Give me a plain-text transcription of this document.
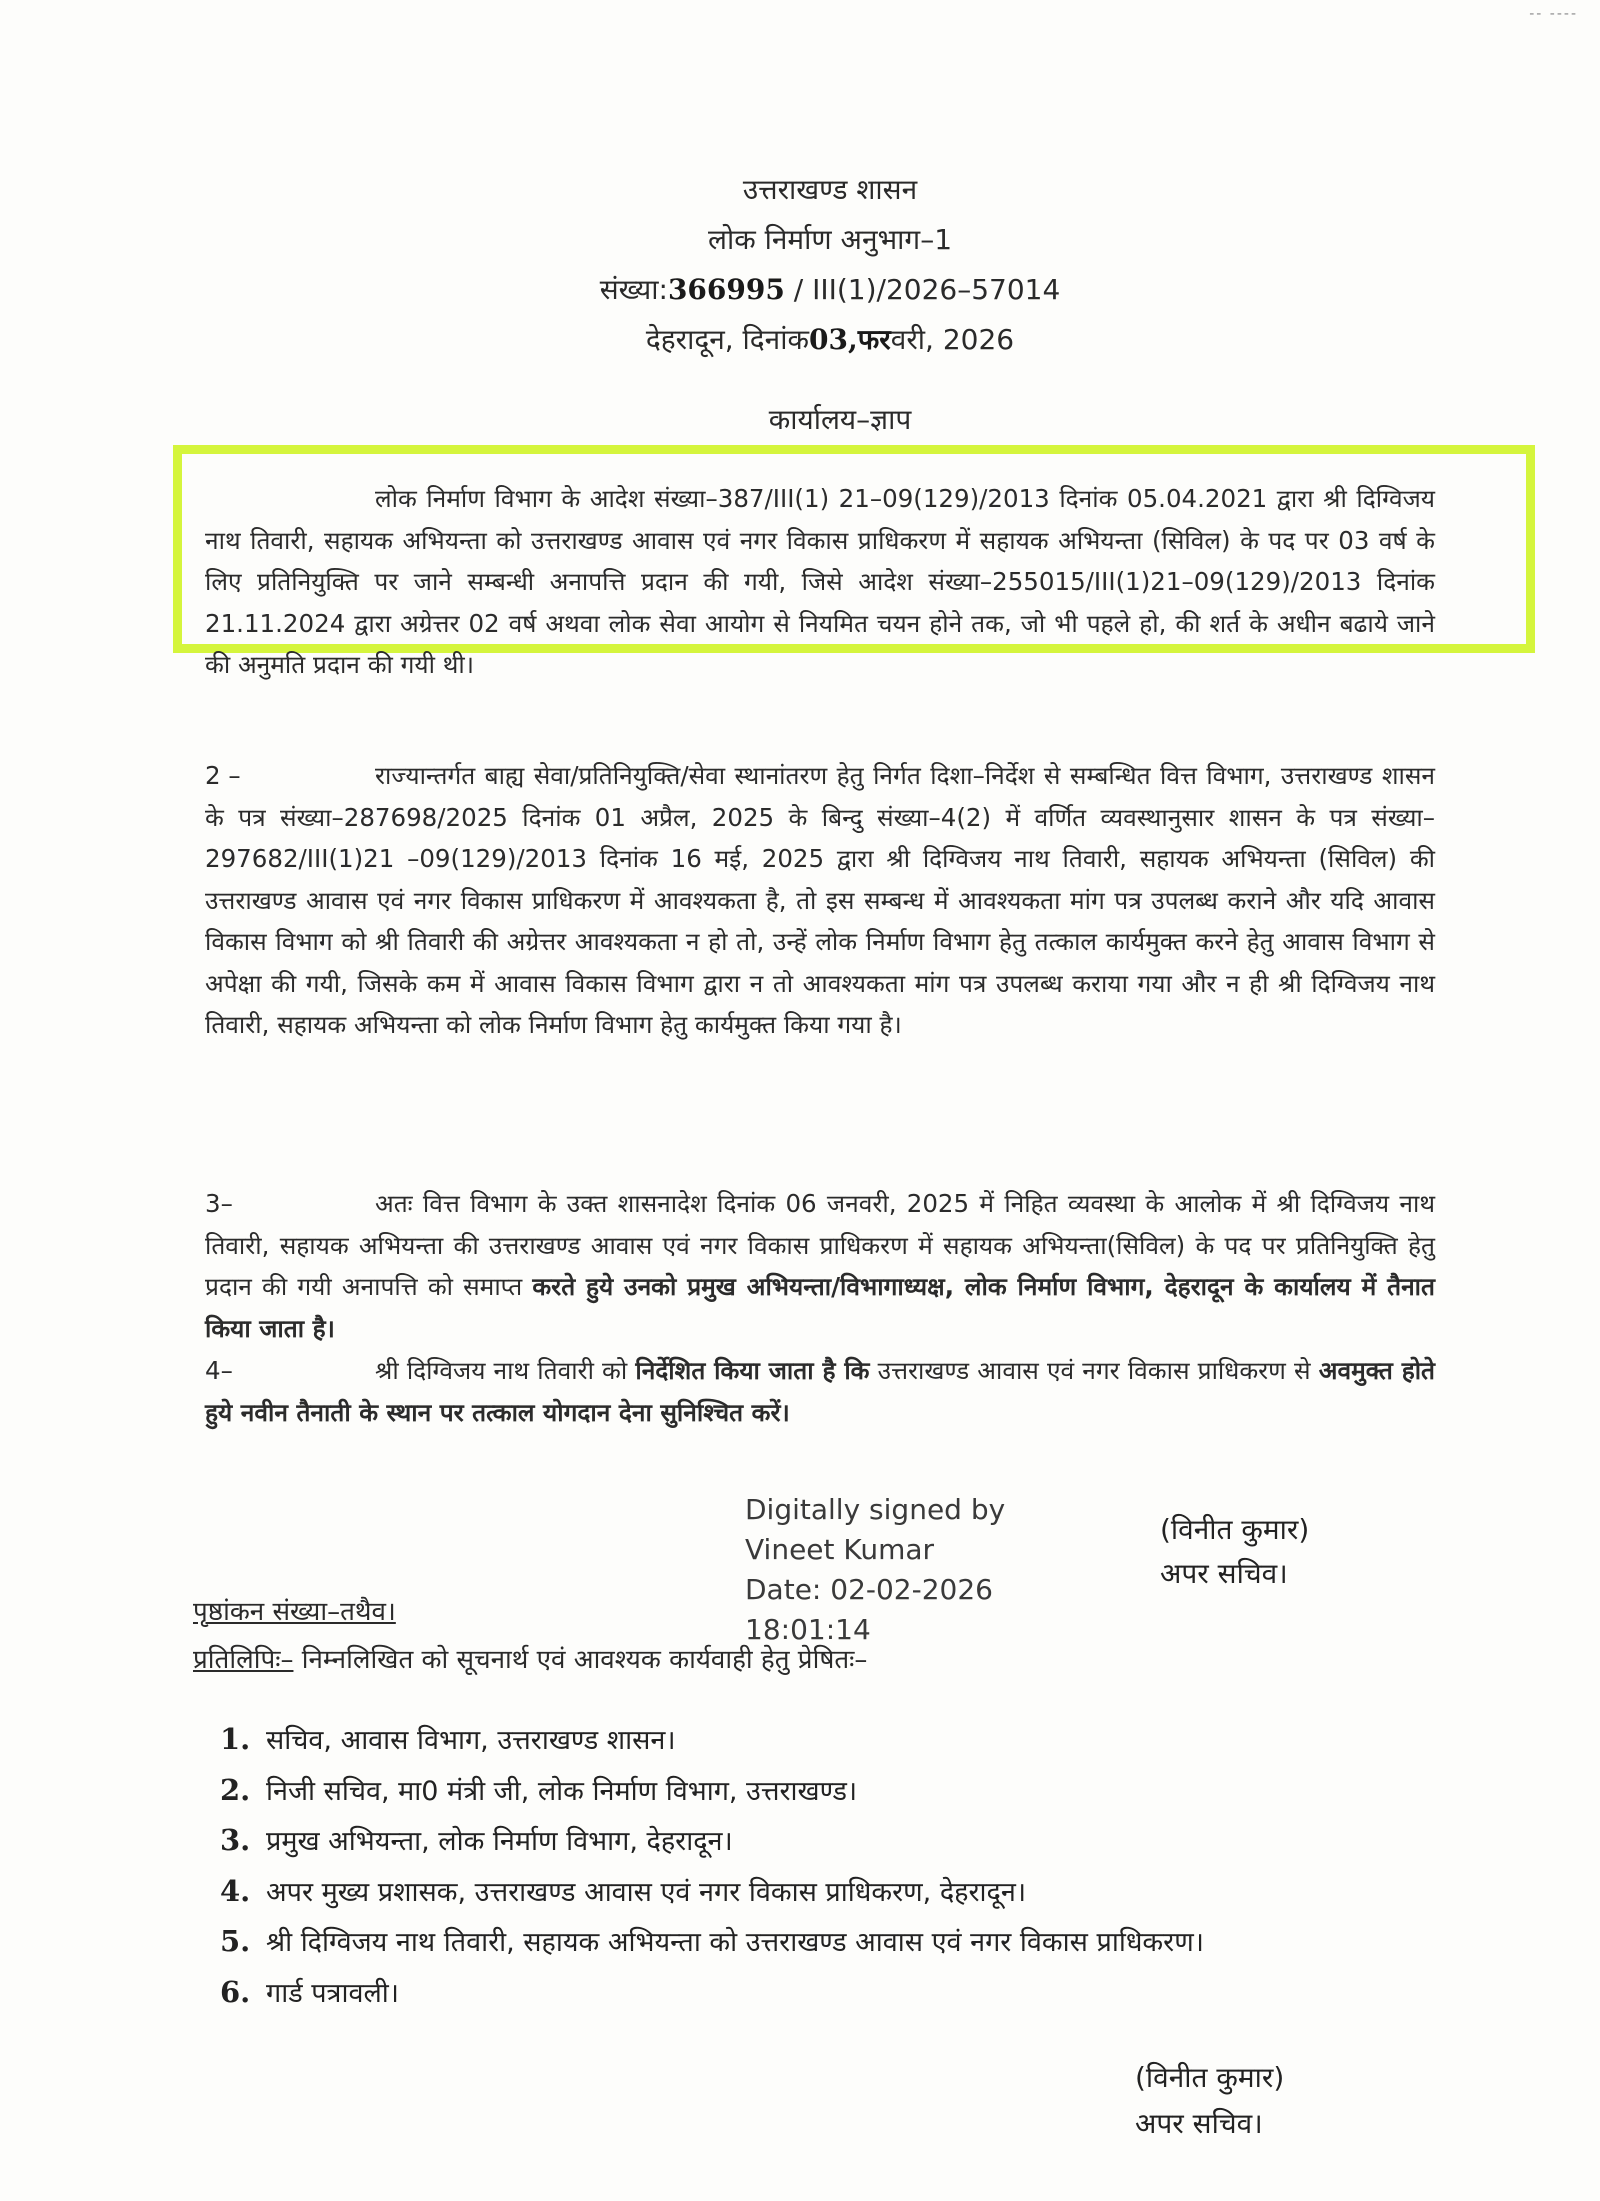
-- ----
उत्तराखण्ड शासन
लोक निर्माण अनुभाग–1
संख्या:366995 / III(1)/2026–57014
देहरादून, दिनांक03,फरवरी, 2026
कार्यालय–ज्ञाप

लोक निर्माण विभाग के आदेश संख्या–387/III(1) 21–09(129)/2013 दिनांक 05.04.2021 द्वारा श्री दिग्विजय नाथ तिवारी, सहायक अभियन्ता को उत्तराखण्ड आवास एवं नगर विकास प्राधिकरण में सहायक अभियन्ता (सिविल) के पद पर 03 वर्ष के लिए प्रतिनियुक्ति पर जाने सम्बन्धी अनापत्ति प्रदान की गयी, जिसे आदेश संख्या–255015/III(1)21–09(129)/2013 दिनांक 21.11.2024 द्वारा अग्रेत्तर 02 वर्ष अथवा लोक सेवा आयोग से नियमित चयन होने तक, जो भी पहले हो, की शर्त के अधीन बढाये जाने की अनुमति प्रदान की गयी थी।

2 –	राज्यान्तर्गत बाह्य सेवा/प्रतिनियुक्ति/सेवा स्थानांतरण हेतु निर्गत दिशा–निर्देश से सम्बन्धित वित्त विभाग, उत्तराखण्ड शासन के पत्र संख्या–287698/2025 दिनांक 01 अप्रैल, 2025 के बिन्दु संख्या–4(2) में वर्णित व्यवस्थानुसार शासन के पत्र संख्या–297682/III(1)21 –09(129)/2013 दिनांक 16 मई, 2025 द्वारा श्री दिग्विजय नाथ तिवारी, सहायक अभियन्ता (सिविल) की उत्तराखण्ड आवास एवं नगर विकास प्राधिकरण में आवश्यकता है, तो इस सम्बन्ध में आवश्यकता मांग पत्र उपलब्ध कराने और यदि आवास विकास विभाग को श्री तिवारी की अग्रेत्तर आवश्यकता न हो तो, उन्हें लोक निर्माण विभाग हेतु तत्काल कार्यमुक्त करने हेतु आवास विभाग से अपेक्षा की गयी, जिसके कम में आवास विकास विभाग द्वारा न तो आवश्यकता मांग पत्र उपलब्ध कराया गया और न ही श्री दिग्विजय नाथ तिवारी, सहायक अभियन्ता को लोक निर्माण विभाग हेतु कार्यमुक्त किया गया है।

3–	अतः वित्त विभाग के उक्त शासनादेश दिनांक 06 जनवरी, 2025 में निहित व्यवस्था के आलोक में श्री दिग्विजय नाथ तिवारी, सहायक अभियन्ता की उत्तराखण्ड आवास एवं नगर विकास प्राधिकरण में सहायक अभियन्ता(सिविल) के पद पर प्रतिनियुक्ति हेतु प्रदान की गयी अनापत्ति को समाप्त करते हुये उनको प्रमुख अभियन्ता/विभागाध्यक्ष, लोक निर्माण विभाग, देहरादून के कार्यालय में तैनात किया जाता है।

4–	श्री दिग्विजय नाथ तिवारी को निर्देशित किया जाता है कि उत्तराखण्ड आवास एवं नगर विकास प्राधिकरण से अवमुक्त होते हुये नवीन तैनाती के स्थान पर तत्काल योगदान देना सुनिश्चित करें।

Digitally signed by
Vineet Kumar
Date: 02-02-2026
18:01:14
(विनीत कुमार)
अपर सचिव।
पृष्ठांकन संख्या–तथैव।
प्रतिलिपिः– निम्नलिखित को सूचनार्थ एवं आवश्यक कार्यवाही हेतु प्रेषितः–
1. सचिव, आवास विभाग, उत्तराखण्ड शासन।
2. निजी सचिव, मा0 मंत्री जी, लोक निर्माण विभाग, उत्तराखण्ड।
3. प्रमुख अभियन्ता, लोक निर्माण विभाग, देहरादून।
4. अपर मुख्य प्रशासक, उत्तराखण्ड आवास एवं नगर विकास प्राधिकरण, देहरादून।
5. श्री दिग्विजय नाथ तिवारी, सहायक अभियन्ता को उत्तराखण्ड आवास एवं नगर विकास प्राधिकरण।
6. गार्ड पत्रावली।
(विनीत कुमार)
अपर सचिव।
